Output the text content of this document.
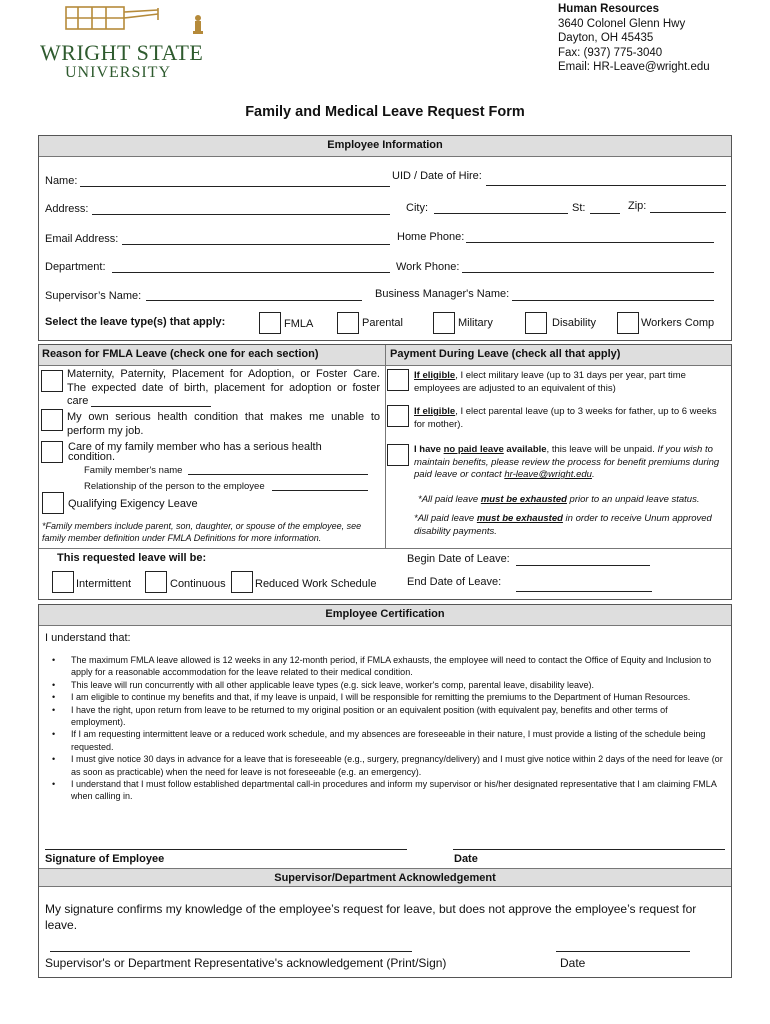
WRIGHT STATE
UNIVERSITY
Human Resources
3640 Colonel Glenn Hwy
Dayton, OH 45435
Fax: (937) 775-3040
Email: HR-Leave@wright.edu
Family and Medical Leave Request Form
Employee Information
Name:	UID / Date of Hire:
Address:	City:	St:	Zip:
Email Address:	Home Phone:
Department:	Work Phone:
Supervisor’s Name:	Business Manager's Name:
Select the leave type(s) that apply:	FMLA	Parental	Military	Disability	Workers Comp
Reason for FMLA Leave (check one for each section)	Payment During Leave (check all that apply)
Maternity, Paternity, Placement for Adoption, or Foster Care. The expected date of birth, placement for adoption or foster care
My own serious health condition that makes me unable to perform my job.
Care of my family member who has a serious health condition.
Family member's name
Relationship of the person to the employee
Qualifying Exigency Leave
*Family members include parent, son, daughter, or spouse of the employee, see family member definition under FMLA Definitions for more information.
If eligible, I elect military leave (up to 31 days per year, part time employees are adjusted to an equivalent of this)
If eligible, I elect parental leave (up to 3 weeks for father, up to 6 weeks for mother).
I have no paid leave available, this leave will be unpaid. If you wish to maintain benefits, please review the process for benefit premiums during paid leave or contact hr-leave@wright.edu.
*All paid leave must be exhausted prior to an unpaid leave status.
*All paid leave must be exhausted in order to receive Unum approved disability payments.
This requested leave will be:
Intermittent	Continuous	Reduced Work Schedule
Begin Date of Leave:
End Date of Leave:
Employee Certification
I understand that:
• The maximum FMLA leave allowed is 12 weeks in any 12-month period, if FMLA exhausts, the employee will need to contact the Office of Equity and Inclusion to apply for a reasonable accommodation for the leave related to their medical condition.
• This leave will run concurrently with all other applicable leave types (e.g. sick leave, worker's comp, parental leave, disability leave).
• I am eligible to continue my benefits and that, if my leave is unpaid, I will be responsible for remitting the premiums to the Department of Human Resources.
• I have the right, upon return from leave to be returned to my original position or an equivalent position (with equivalent pay, benefits and other terms of employment).
• If I am requesting intermittent leave or a reduced work schedule, and my absences are foreseeable in their nature, I must provide a listing of the schedule being requested.
• I must give notice 30 days in advance for a leave that is foreseeable (e.g., surgery, pregnancy/delivery) and I must give notice within 2 days of the need for leave (or as soon as practicable) when the need for leave is not foreseeable (e.g. an emergency).
• I understand that I must follow established departmental call-in procedures and inform my supervisor or his/her designated representative that I am claiming FMLA when calling in.
Signature of Employee	Date
Supervisor/Department Acknowledgement
My signature confirms my knowledge of the employee’s request for leave, but does not approve the employee’s request for leave.
Supervisor's or Department Representative's acknowledgement (Print/Sign)	Date
